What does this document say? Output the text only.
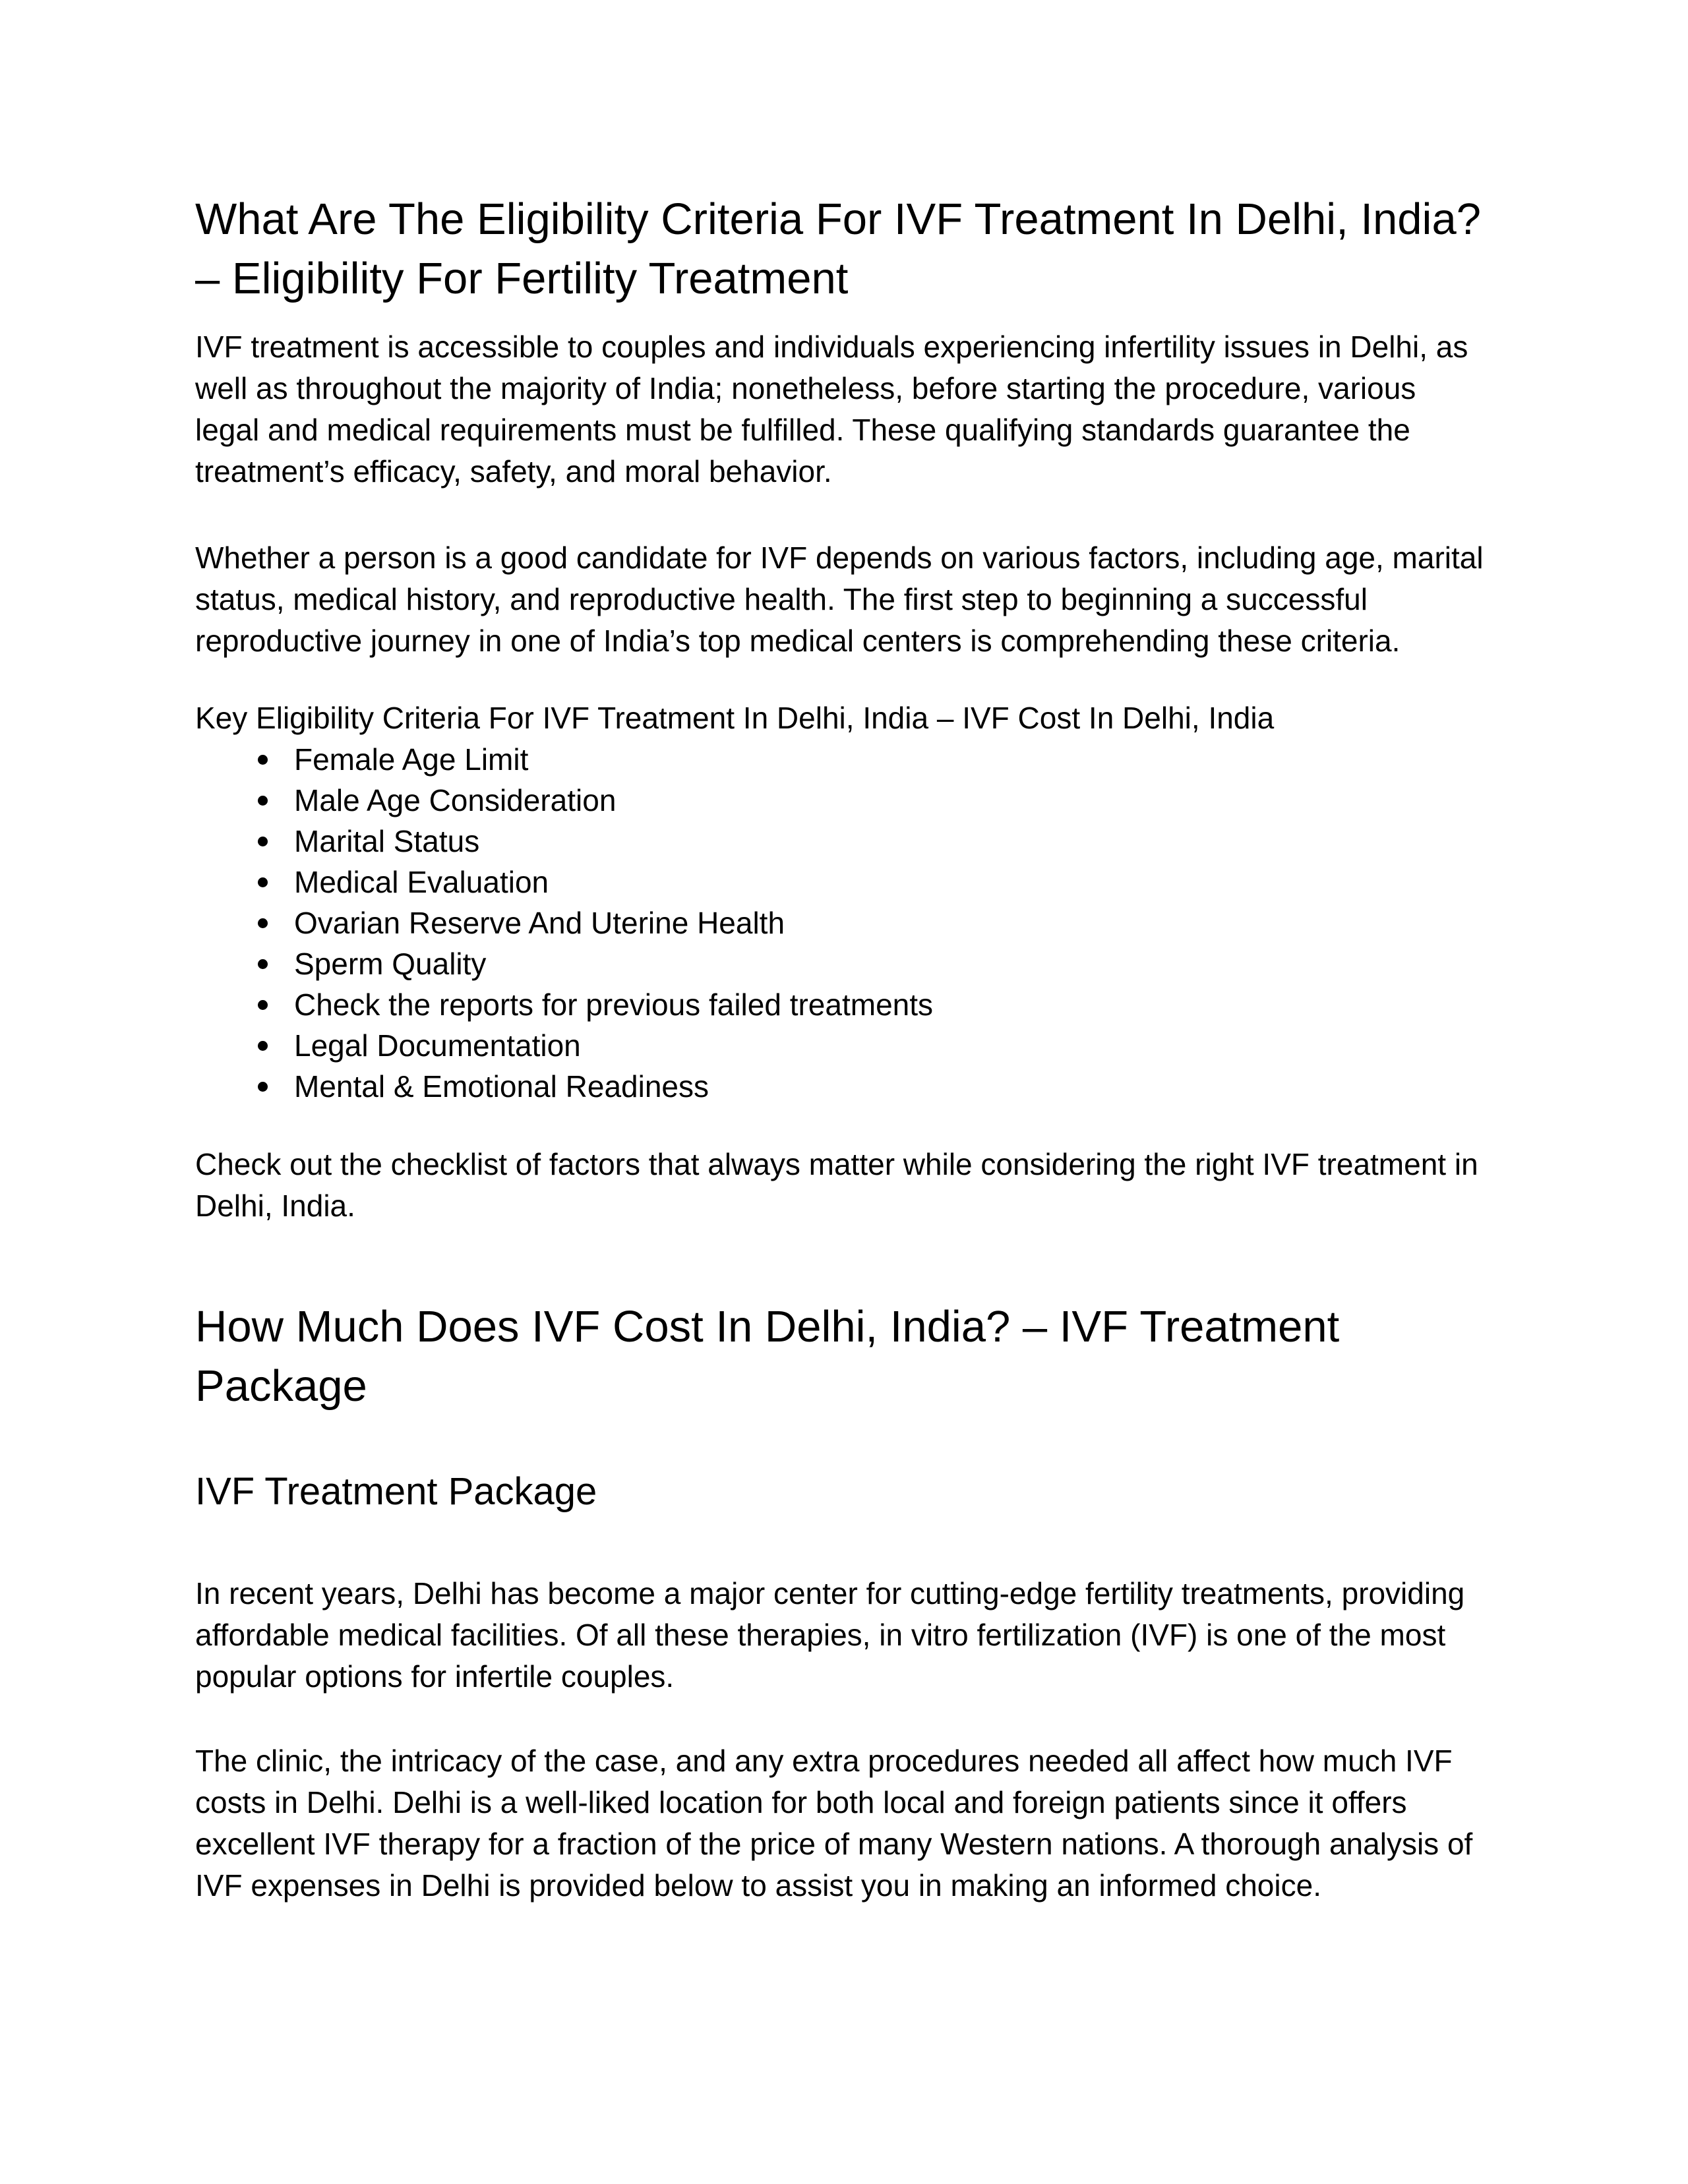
What Are The Eligibility Criteria For IVF Treatment In Delhi, India? – Eligibility For Fertility Treatment

IVF treatment is accessible to couples and individuals experiencing infertility issues in Delhi, as well as throughout the majority of India; nonetheless, before starting the procedure, various legal and medical requirements must be fulfilled. These qualifying standards guarantee the treatment’s efficacy, safety, and moral behavior.

Whether a person is a good candidate for IVF depends on various factors, including age, marital status, medical history, and reproductive health. The first step to beginning a successful reproductive journey in one of India’s top medical centers is comprehending these criteria.

Key Eligibility Criteria For IVF Treatment In Delhi, India – IVF Cost In Delhi, India

Female Age Limit
Male Age Consideration
Marital Status
Medical Evaluation
Ovarian Reserve And Uterine Health
Sperm Quality
Check the reports for previous failed treatments
Legal Documentation
Mental & Emotional Readiness

Check out the checklist of factors that always matter while considering the right IVF treatment in Delhi, India.

How Much Does IVF Cost In Delhi, India? – IVF Treatment Package
IVF Treatment Package

In recent years, Delhi has become a major center for cutting-edge fertility treatments, providing affordable medical facilities. Of all these therapies, in vitro fertilization (IVF) is one of the most popular options for infertile couples.

The clinic, the intricacy of the case, and any extra procedures needed all affect how much IVF costs in Delhi. Delhi is a well-liked location for both local and foreign patients since it offers excellent IVF therapy for a fraction of the price of many Western nations. A thorough analysis of IVF expenses in Delhi is provided below to assist you in making an informed choice.
